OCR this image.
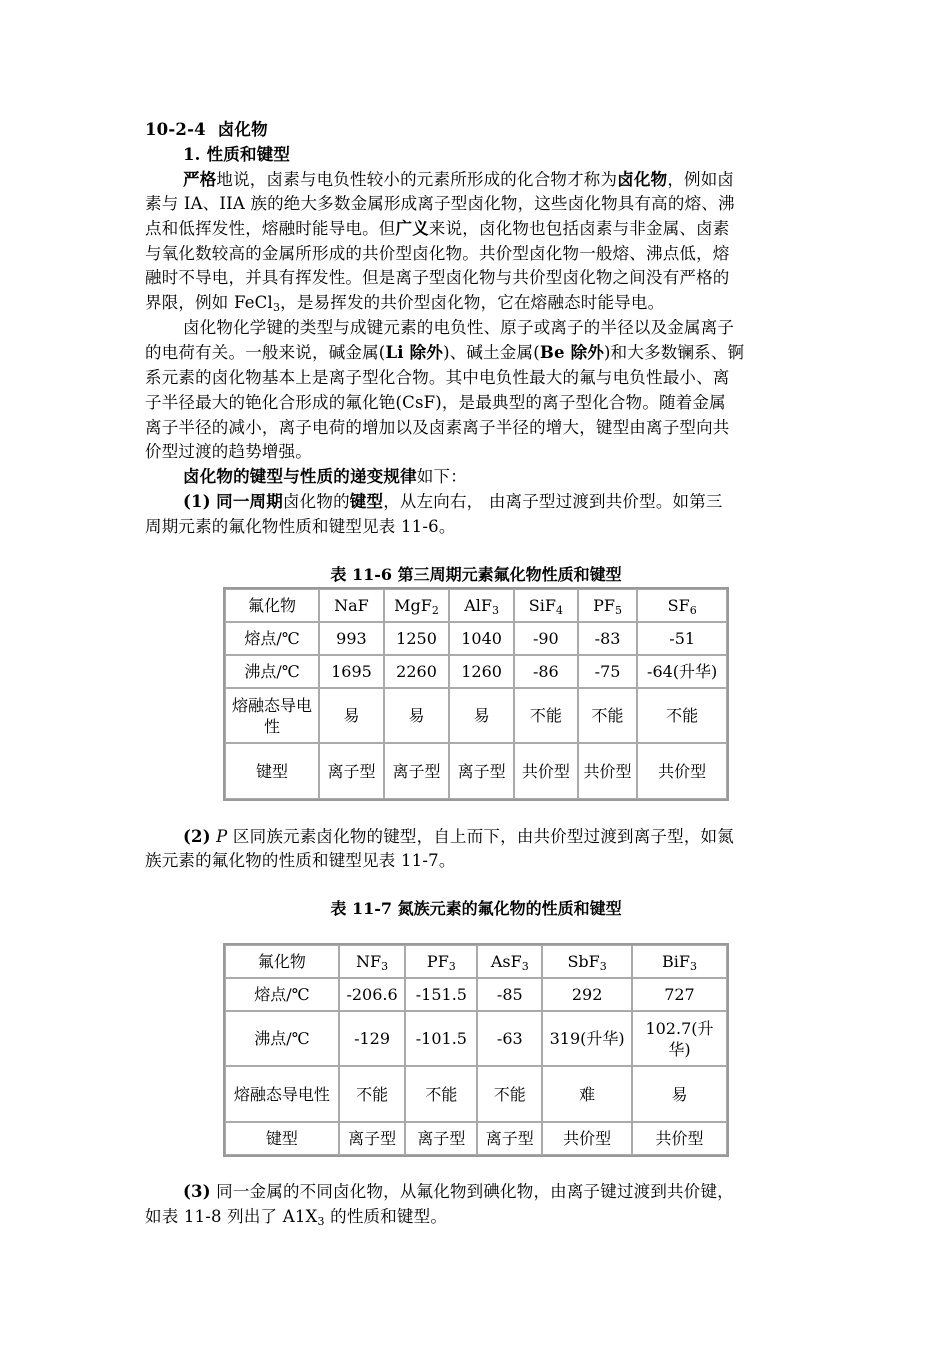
10-2-4 卤化物
1. 性质和键型
严格地说，卤素与电负性较小的元素所形成的化合物才称为卤化物，例如卤
素与 IA、IIA 族的绝大多数金属形成离子型卤化物，这些卤化物具有高的熔、沸
点和低挥发性，熔融时能导电。但广义来说，卤化物也包括卤素与非金属、卤素
与氧化数较高的金属所形成的共价型卤化物。共价型卤化物一般熔、沸点低，熔
融时不导电，并具有挥发性。但是离子型卤化物与共价型卤化物之间没有严格的
界限，例如 FeCl$_3$，是易挥发的共价型卤化物，它在熔融态时能导电。
卤化物化学键的类型与成键元素的电负性、原子或离子的半径以及金属离子
的电荷有关。一般来说，碱金属(Li 除外)、碱土金属(Be 除外)和大多数镧系、锕
系元素的卤化物基本上是离子型化合物。其中电负性最大的氟与电负性最小、离
子半径最大的铯化合形成的氟化铯(CsF)，是最典型的离子型化合物。随着金属
离子半径的减小，离子电荷的增加以及卤素离子半径的增大，键型由离子型向共
价型过渡的趋势增强。
卤化物的键型与性质的递变规律如下：
(1) 同一周期卤化物的键型，从左向右， 由离子型过渡到共价型。如第三
周期元素的氟化物性质和键型见表 11-6。
表 11-6 第三周期元素氟化物性质和键型
氟化物	NaF	MgF$_2$	AlF$_3$	SiF$_4$	$PF_5$	$SF_6$
熔点/℃	993	1250	1040	-90	-83	-51
沸点/℃	1695	2260	1260	-86	-75	-64(升华)
熔融态导电性	易	易	易	不能	不能	不能
键型	离子型	离子型	离子型	共价型	共价型	共价型
(2) P 区同族元素卤化物的键型，自上而下，由共价型过渡到离子型，如氮
族元素的氟化物的性质和键型见表 11-7。
表 11-7 氮族元素的氟化物的性质和键型
氟化物	$NF_3$	$PF_3$	AsF$_3$	SbF$_3$	BiF$_3$
熔点/℃	-206.6	-151.5	-85	292	727
沸点/℃	-129	-101.5	-63	319(升华)	102.7(升华)
熔融态导电性	不能	不能	不能	难	易
键型	离子型	离子型	离子型	共价型	共价型
(3) 同一金属的不同卤化物，从氟化物到碘化物，由离子键过渡到共价键，
如表 11-8 列出了 $A1X_3$ 的性质和键型。
